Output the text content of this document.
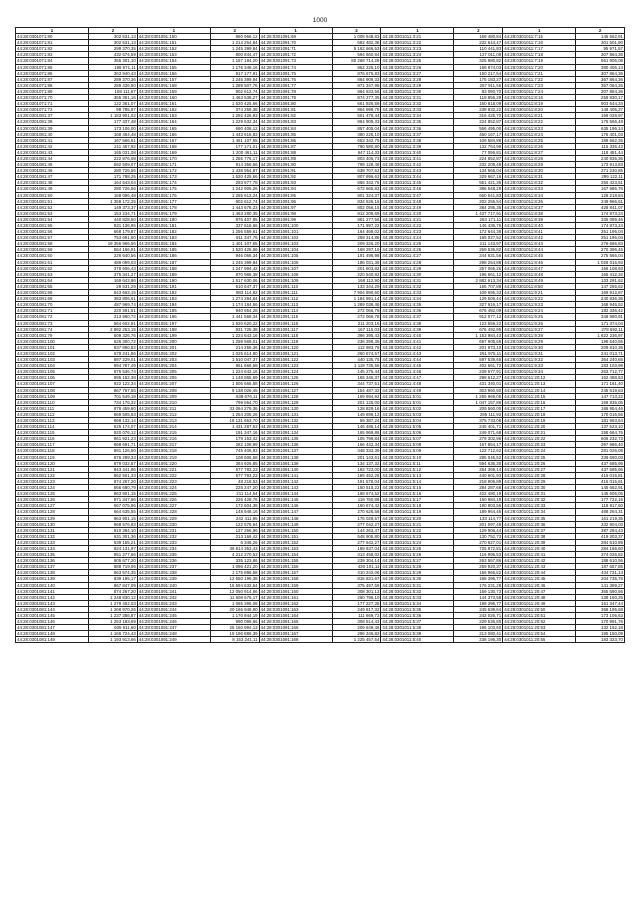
1000
1	2	1	2	1	2	1	2	1	2
44:28:0301071:80	302 531,13	44:28:0301091:150	860 966,12	44:28:0301091:69	1 008 648,83	44:28:0301011:3:21	168 480,84	44:28:0301011:7:15	145 562,91
44:28:0301071:81	302 531,13	44:28:0301091:151	1 214 264,84	44:28:0301091:70	682 482,38	44:28:0301011:3:22	232 644,47	44:28:0301011:7:16	301 501,90
44:28:0301071:82	299 370,35	44:28:0301091:152	1 245 399,84	44:28:0301091:71	5 162 666,53	44:28:0301011:3:23	110 441,83	44:28:0301011:7:17	95 971,57
44:28:0301071:83	432 674,59	44:28:0301091:153	800 844,47	44:28:0301091:72	594 660,84	44:28:0301011:3:24	127 011,08	44:28:0301011:7:18	307 864,36
44:28:0301071:84	355 301,10	44:28:0301091:154	1 157 184,20	44:28:0301091:73	80 268 714,29	44:28:0301011:3:25	325 980,82	44:28:0301011:7:19	561 906,08
44:28:0301071:85	198 671,11	44:28:0301091:155	1 176 348,16	44:28:0301091:74	862 225,10	44:28:0301011:3:26	168 874,03	44:28:0301011:7:20	380 406,13
44:28:0301071:86	363 940,43	44:28:0301091:156	917 177,91	44:28:0301091:75	876 675,83	44:28:0301011:3:27	150 217,54	44:28:0301011:7:21	307 864,36
44:28:0301071:87	289 370,36	44:28:0301091:157	1 245 399,84	44:28:0301091:76	864 909,33	44:28:0301011:3:28	175 183,27	44:28:0301011:7:22	367 864,36
44:28:0301071:88	289 436,50	44:28:0301091:158	1 289 507,76	44:28:0301091:77	871 347,98	44:28:0301011:3:29	257 911,56	44:28:0301011:7:23	357 084,26
44:28:0301071:89	108 111,67	44:28:0301091:159	902 612,74	44:28:0301091:78	864 633,56	44:28:0301011:3:30	83 090,70	44:28:0301011:7:24	307 864,36
44:28:0301071:70	355 351,16	44:28:0301091:160	1 463 538,27	44:28:0301091:79	874 277,35	44:28:0301011:3:31	118 856,29	44:28:0301011:8:16	258 830,17
44:28:0301071:71	122 361,07	44:28:0301091:161	1 520 425,66	44:28:0301091:80	661 926,59	44:28:0301011:3:32	160 818,09	44:28:0301011:8:19	903 644,34
44:28:0301071:72	98 785,87	44:28:0301091:162	374 259,38	44:28:0301091:81	864 999,75	44:28:0301011:3:33	238 832,22	44:28:0301011:8:20	148 405,27
44:28:0301081:37	1 183 901,02	44:28:0301091:163	1 292 426,93	44:28:0301091:82	501 478,44	44:28:0301011:3:34	316 425,70	44:28:0301011:8:21	159 028,97
44:28:0301081:38	177 337,48	44:28:0301091:164	1 229 632,34	44:28:0301091:83	864 909,33	44:28:0301011:3:35	224 852,87	44:28:0301011:8:22	176 566,48
44:28:0301081:39	173 106,00	44:28:0301091:165	690 406,12	44:28:0301091:84	857 405,04	44:28:0301011:3:36	556 495,00	44:28:0301011:8:23	635 196,14
44:28:0301081:40	168 464,48	44:28:0301091:166	1 443 615,83	44:28:0301091:85	380 225,10	44:28:0301011:3:37	450 167,17	44:28:0301011:8:24	176 401,03
44:28:0301081:41	167 566,61	44:28:0301091:167	1 451 107,65	44:28:0301091:86	653 342,75	44:28:0301011:3:38	106 584,88	44:28:0301011:8:25	189 662,35
44:28:0301081:42	211 457,92	44:28:0301091:168	177 171,01	44:28:0301091:87	790 580,80	44:28:0301011:3:39	132 764,98	44:28:0301011:8:26	115 336,43
44:28:0301081:43	165 031,08	44:28:0301091:169	1 200 461,11	44:28:0301091:88	647 114,33	44:28:0301011:3:40	77 096,81	44:28:0301011:8:27	118 481,44
44:28:0301081:44	222 876,08	44:28:0301091:170	1 255 776,17	44:28:0301091:89	803 405,73	44:28:0301011:3:41	224 852,87	44:28:0301011:8:28	240 836,36
44:28:0301081:45	592 509,07	44:28:0301091:171	914 356,56	44:28:0301091:90	799 128,48	44:28:0301011:3:42	232 209,48	44:28:0301011:8:29	173 913,83
44:28:0301081:46	280 726,56	44:28:0301091:172	1 438 954,87	44:28:0301091:91	638 707,52	44:28:0301011:3:43	134 665,04	44:28:0301011:8:30	271 230,85
44:28:0301081:47	171 788,25	44:28:0301091:173	1 520 425,66	44:28:0301091:92	807 996,63	44:28:0301011:3:44	329 667,16	44:28:0301011:8:31	299 122,11
44:28:0301081:48	164 643,04	44:28:0301091:174	293 877,78	44:28:0301091:93	865 342,75	44:28:0301011:3:45	551 421,36	44:28:0301011:8:32	256 423,51
44:28:0301081:49	280 726,56	44:28:0301091:175	1 242 905,26	44:28:0301091:94	672 665,83	44:28:0301011:3:46	386 548,29	44:28:0301011:8:33	167 986,76
44:28:0301081:50	168 096,48	44:28:0301091:176	1 265 613,24	44:28:0301091:95	801 324,37	44:28:0301011:3:47	660 541,83	44:28:0301011:8:34	128 218,84
44:28:0301081:51	1 359 172,25	44:28:0301091:177	902 612,74	44:28:0301091:96	834 626,16	44:28:0301011:3:48	202 255,54	44:28:0301011:8:36	249 966,61
44:28:0301081:52	149 373,37	44:28:0301091:178	1 443 678,23	44:28:0301091:97	802 056,15	44:28:0301011:3:49	384 286,35	44:28:0301011:8:37	428 841,07
44:28:0301081:53	153 234,71	44:28:0301091:179	1 463 280,35	44:28:0301091:98	812 209,69	44:28:0301011:4:20	1 437 717,91	44:28:0301011:8:38	174 873,24
44:28:0301081:54	440 828,50	44:28:0301091:180	876 407,85	44:28:0301091:99	861 277,56	44:28:0301011:4:21	263 171,11	44:28:0301011:8:39	335 089,46
44:28:0301081:55	831 136,95	44:28:0301091:181	337 616,66	44:28:0301091:100	171 897,22	44:28:0301011:4:22	146 436,76	44:28:0301011:8:40	174 873,24
44:28:0301081:56	668 179,87	44:28:0301091:182	1 256 559,61	44:28:0301091:101	164 469,02	44:28:0301011:4:23	172 644,38	44:28:0301011:8:41	251 196,04
44:28:0301081:57	753 691,60	44:28:0301091:183	911 347,76	44:28:0301091:102	258 314,88	44:28:0301011:4:24	165 027,52	44:28:0301011:8:42	251 196,04
44:28:0301081:58	19 356 966,56	44:28:0301091:184	1 401 107,65	44:28:0301091:103	209 326,20	44:28:0301011:4:25	211 143,97	44:28:0301011:8:43	276 686,83
44:28:0301081:59	564 166,91	44:28:0301091:185	1 520 425,66	44:28:0301091:104	168 297,16	44:28:0301011:4:26	269 536,82	44:28:0301011:8:44	270 396,45
44:28:0301081:60	226 640,56	44:28:0301091:186	946 066,34	44:28:0301091:105	191 496,98	44:28:0301011:4:27	244 631,56	44:28:0301011:8:45	275 566,04
44:28:0301081:61	489 099,03	44:28:0301091:187	1 245 399,84	44:28:0301091:106	186 031,36	44:28:0301011:4:28	298 254,88	44:28:0301011:8:46	1 028 016,93
44:28:0301081:62	378 606,43	44:28:0301091:188	1 247 994,42	44:28:0301091:107	201 603,82	44:28:0301011:4:29	257 065,26	44:28:0301011:8:47	166 108,93
44:28:0301081:63	375 341,27	44:28:0301091:189	870 986,38	44:28:0301091:108	220 540,82	44:28:0301011:4:30	196 661,12	44:28:0301011:8:48	165 412,32
44:28:0301081:64	169 643,86	44:28:0301091:190	1 517 630,06	44:28:0301091:109	168 112,90	44:28:0301011:4:31	2 882 613,34	44:28:0301011:8:49	133 291,62
44:28:0301081:65	28 531,29	44:28:0301091:191	510 647,37	44:28:0301091:110	133 344,29	44:28:0301011:4:32	165 707,88	44:28:0301011:8:50	147 255,62
44:28:0301081:66	843 663,15	44:28:0301091:192	883 114,82	44:28:0301091:111	7 904 890,60	44:28:0301011:4:33	109 695,33	44:28:0301011:9:21	169 912,87
44:28:0301081:69	383 806,61	44:28:0301091:193	1 274 284,84	44:28:0301091:112	1 184 991,14	44:28:0301011:4:34	129 506,44	44:28:0301011:9:22	240 836,36
44:28:0301081:70	487 969,74	44:28:0301091:194	1 174 184,56	44:28:0301091:113	1 289 036,46	44:28:0301011:4:35	327 916,17	44:28:0301011:9:23	168 946,52
44:28:0301081:71	220 391,51	44:28:0301091:195	940 654,28	44:28:0301091:114	272 066,78	44:28:0301011:4:36	676 482,09	44:28:0301011:9:24	182 336,42
44:28:0301081:72	213 960,72	44:28:0301091:196	1 441 568,34	44:28:0301091:115	272 066,78	44:28:0301011:4:37	912 077,12	44:28:0301011:9:25	348 980,91
44:28:0301081:73	564 602,91	44:28:0301091:197	1 520 620,22	44:28:0301091:116	211 203,16	44:28:0301011:4:38	123 559,22	44:28:0301011:9:26	171 374,04
44:28:0301081:74	2 892 253,15	44:28:0301091:198	931 725,38	44:28:0301091:117	167 115,03	44:28:0301011:4:39	676 492,95	44:28:0301011:9:27	278 692,11
44:28:0301081:79	609 326,76	44:28:0301091:199	1 224 643,16	44:28:0301091:118	396 395,43	44:28:0301011:4:40	1 163 984,43	44:28:0301011:9:28	1 822 236,97
44:28:0301081:100	626 300,72	44:28:0301091:200	1 259 569,01	44:28:0301091:119	236 396,36	44:28:0301011:4:41	697 905,66	44:28:0301011:9:29	199 540,55
44:28:0301081:101	837 890,82	44:28:0301091:201	214 259,36	44:28:0301091:120	112 983,78	44:28:0301011:4:42	201 673,10	44:28:0301011:9:30	209 810,35
44:28:0301081:102	678 241,86	44:28:0301091:202	1 025 614,80	44:28:0301091:121	260 674,57	44:28:0301011:4:43	261 975,11	44:28:0301011:9:31	241 013,71
44:28:0301081:103	897 229,01	44:28:0301091:203	1 510 047,37	44:28:0301091:122	440 135,75	44:28:0301011:4:44	597 539,65	44:28:0301011:9:32	364 240,65
44:28:0301081:104	894 787,49	44:28:0301091:204	861 666,58	44:28:0301091:123	1 119 735,56	44:28:0301011:4:45	402 661,72	44:28:0301011:9:33	183 103,99
44:28:0301081:105	876 536,74	44:28:0301091:205	1 224 643,16	44:28:0301091:124	145 275,44	44:28:0301011:4:46	239 677,91	44:28:0301011:9:34	263 712,77
44:28:0301081:106	895 152,38	44:28:0301091:206	1 148 865,69	44:28:0301091:125	165 346,37	44:28:0301011:4:47	298 612,27	44:28:0301011:20:12	162 488,63
44:28:0301081:107	922 122,34	44:28:0301091:207	1 505 666,58	44:28:0301091:126	344 737,51	44:28:0301011:4:48	431 340,01	44:28:0301011:20:13	171 161,40
44:28:0301081:108	867 767,55	44:28:0301091:208	9 138 026,45	44:28:0301091:127	154 487,32	44:28:0301011:4:49	303 960,50	44:28:0301011:20:14	245 519,63
44:28:0301081:109	701 549,19	44:28:0301091:209	638 676,11	44:28:0301091:128	169 694,92	44:28:0301011:5:01	1 255 969,09	44:28:0301011:20:15	147 713,22
44:28:0301081:110	734 176,32	44:28:0301091:210	799 654,70	44:28:0301091:129	201 125,00	44:28:0301011:5:01	1 047 157,86	44:28:0301011:20:16	168 836,05
44:28:0301081:111	878 459,60	44:28:0301091:211	33 064 279,36	44:28:0301091:130	128 829,16	44:28:0301011:5:02	209 560,00	44:28:0301011:20:17	186 954,46
44:28:0301081:112	869 505,93	44:28:0301091:212	1 254 205,26	44:28:0301091:131	149 699,12	44:28:0301011:5:03	295 111,92	44:28:0301011:20:18	170 016,56
44:28:0301081:113	868 132,14	44:28:0301091:213	18 131 663,70	44:28:0301091:132	59 387,24	44:28:0301011:5:04	375 733,08	44:28:0301011:20:19	181 963,64
44:28:0301081:114	925 174,07	44:28:0301091:214	1 431 287,53	44:28:0301091:133	146 485,14	44:28:0301011:5:05	245 401,71	44:28:0301011:20:20	137 523,10
44:28:0301081:115	920 076,12	44:28:0301091:215	191 347,16	44:28:0301091:134	165 969,86	44:28:0301011:5:06	249 071,68	44:28:0301011:20:21	158 664,76
44:28:0301081:116	861 921,23	44:28:0301091:216	179 153,42	44:28:0301091:135	105 799,84	44:28:0301011:5:07	279 302,96	44:28:0301011:20:22	606 232,73
44:28:0301081:117	868 691,71	44:28:0301091:217	282 108,99	44:28:0301091:136	166 442,34	44:28:0301011:5:08	167 854,17	44:28:0301011:20:23	397 986,40
44:28:0301081:118	891 126,50	44:28:0301091:218	745 406,83	44:28:0301091:137	348 333,39	44:28:0301011:5:09	122 712,62	44:28:0301011:20:24	281 026,08
44:28:0301081:119	876 289,33	44:28:0301091:219	108 606,58	44:28:0301091:138	201 143,61	44:28:0301011:5:10	285 045,52	44:28:0301011:20:25	339 690,03
44:28:0301081:120	879 032,57	44:28:0301091:220	384 926,85	44:28:0301091:139	134 137,32	44:28:0301011:5:11	594 636,30	44:28:0301011:20:26	437 685,95
44:28:0301081:121	843 441,86	44:28:0301091:221	577 793,23	44:28:0301091:140	182 723,00	44:28:0301011:5:12	264 369,14	44:28:0301011:20:27	437 685,95
44:28:0301081:122	862 501,33	44:28:0301091:222	577 793,23	44:28:0301091:141	185 452,26	44:28:0301011:5:13	440 601,93	44:28:0301011:20:28	416 015,81
44:28:0301081:123	874 267,20	44:28:0301091:223	48 218,53	44:28:0301091:142	191 576,04	44:28:0301011:5:14	218 906,89	44:28:0301011:20:29	416 015,81
44:28:0301081:124	866 680,79	44:28:0301091:224	225 247,20	44:28:0301091:143	150 515,22	44:28:0301011:5:15	284 287,68	44:28:0301011:20:30	145 662,91
44:28:0301081:125	863 901,15	44:28:0301091:225	211 114,54	44:28:0301091:144	168 674,52	44:28:0301011:5:16	422 480,19	44:28:0301011:20:31	145 606,05
44:28:0301081:126	871 347,86	44:28:0301091:226	226 428,76	44:28:0301091:145	119 750,88	44:28:0301011:5:17	150 984,19	44:28:0301011:20:32	177 722,16
44:28:0301081:127	667 075,96	44:28:0301091:227	172 604,38	44:28:0301091:146	160 674,42	44:28:0301011:5:18	190 803,56	44:28:0301011:20:33	118 917,60
44:28:0301081:128	664 635,55	44:28:0301091:228	148 948,16	44:28:0301091:147	270 626,58	44:28:0301011:5:19	189 964,46	44:28:0301011:20:34	489 264,31
44:28:0301081:129	863 901,15	44:28:0301091:229	242 411,95	44:28:0301091:148	176 029,57	44:28:0301011:5:20	133 114,77	44:28:0301011:20:35	161 219,35
44:28:0301081:130	968 576,83	44:28:0301091:230	122 576,94	44:28:0301091:149	277 042,27	44:28:0301011:5:21	201 097,48	44:28:0301011:20:36	332 904,03
44:28:0301081:131	910 394,10	44:28:0301091:231	127 266,96	44:28:0301091:150	144 263,47	44:28:0301011:5:22	129 906,44	44:28:0301011:20:37	387 284,43
44:28:0301081:132	631 301,36	44:28:0301091:232	213 166,42	44:28:0301091:151	548 905,80	44:28:0301011:5:23	130 752,73	44:28:0301011:20:38	419 303,37
44:28:0301081:133	639 155,21	44:28:0301091:233	6 346,26	44:28:0301091:152	277 642,27	44:28:0301011:5:24	270 627,01	44:28:0301011:20:39	284 610,89
44:28:0301081:134	824 131,97	44:28:0301091:234	36 814 353,43	44:28:0301091:153	189 637,04	44:28:0301011:5:25	725 872,81	44:28:0301011:20:40	284 166,60
44:28:0301081:135	951 277,66	44:28:0301091:235	4 212 270,53	44:28:0301091:154	313 458,02	44:28:0301011:5:26	116 996,53	44:28:0301011:20:41	374 026,82
44:28:0301081:136	905 677,20	44:28:0301091:236	335 123,86	44:28:0301091:155	239 304,14	44:28:0301011:5:27	263 567,86	44:28:0301011:20:42	188 610,56
44:28:0301081:137	888 719,06	44:28:0301091:237	1 096 421,20	44:28:0301091:156	430 101,11	44:28:0301011:5:28	259 920,37	44:28:0301011:20:43	187 657,85
44:28:0301081:138	863 574,35	44:28:0301091:238	1 175 896,58	44:28:0301091:157	410 242,06	44:28:0301011:5:29	156 966,62	44:28:0301011:20:44	434 731,13
44:28:0301081:139	839 195,17	44:28:0301091:239	12 550 199,38	44:28:0301091:158	815 831,67	44:28:0301011:5:30	198 396,77	44:28:0301011:20:45	204 735,76
44:28:0301081:140	967 847,09	44:28:0301091:240	16 594 632,64	44:28:0301091:159	375 497,58	44:28:0301011:5:31	176 231,28	44:28:0301011:20:46	141 389,27
44:28:0301081:141	874 267,20	44:28:0301091:241	12 050 914,66	44:28:0301091:160	308 301,13	44:28:0301011:5:32	159 130,73	44:28:0301011:20:47	365 590,56
44:28:0301081:142	1 248 830,12	44:28:0301091:242	11 608 675,17	44:28:0301091:161	260 796,10	44:28:0301011:5:33	144 373,58	44:28:0301011:20:48	138 160,25
44:28:0301081:143	1 278 402,03	44:28:0301091:243	1 065 396,08	44:28:0301091:162	177 227,35	44:28:0301011:5:34	198 396,77	44:28:0301011:20:49	161 347,44
44:28:0301081:144	1 268 970,26	44:28:0301091:244	20 166 948,90	44:28:0301091:163	249 817,32	44:28:0301011:5:35	245 639,64	44:28:0301011:20:50	368 195,68
44:28:0301081:145	1 237 356,87	44:28:0301091:245	1 170 944,19	44:28:0301091:164	111 669,72	44:28:0301011:5:36	242 026,71	44:28:0301011:20:51	173 106,63
44:28:0301081:146	1 253 183,69	44:28:0301091:246	990 099,66	44:28:0301091:165	308 514,43	44:28:0301011:5:37	229 536,80	44:28:0301011:20:52	170 991,76
44:28:0301081:147	605 611,60	44:28:0301091:247	25 160 994,13	44:28:0301091:166	209 649,46	44:28:0301011:5:38	196 103,60	44:28:0301011:20:53	132 152,18
44:28:0301081:148	1 166 724,43	44:28:0301091:248	19 196 886,39	44:28:0301091:167	296 346,82	44:28:0301011:5:39	213 080,41	44:28:0301011:20:54	195 150,09
44:28:0301081:149	1 193 913,66	44:28:0301091:249	8 153 241,11	44:28:0301091:168	1 225 457,54	44:28:0301011:5:40	238 196,30	44:28:0301011:20:55	183 323,70
